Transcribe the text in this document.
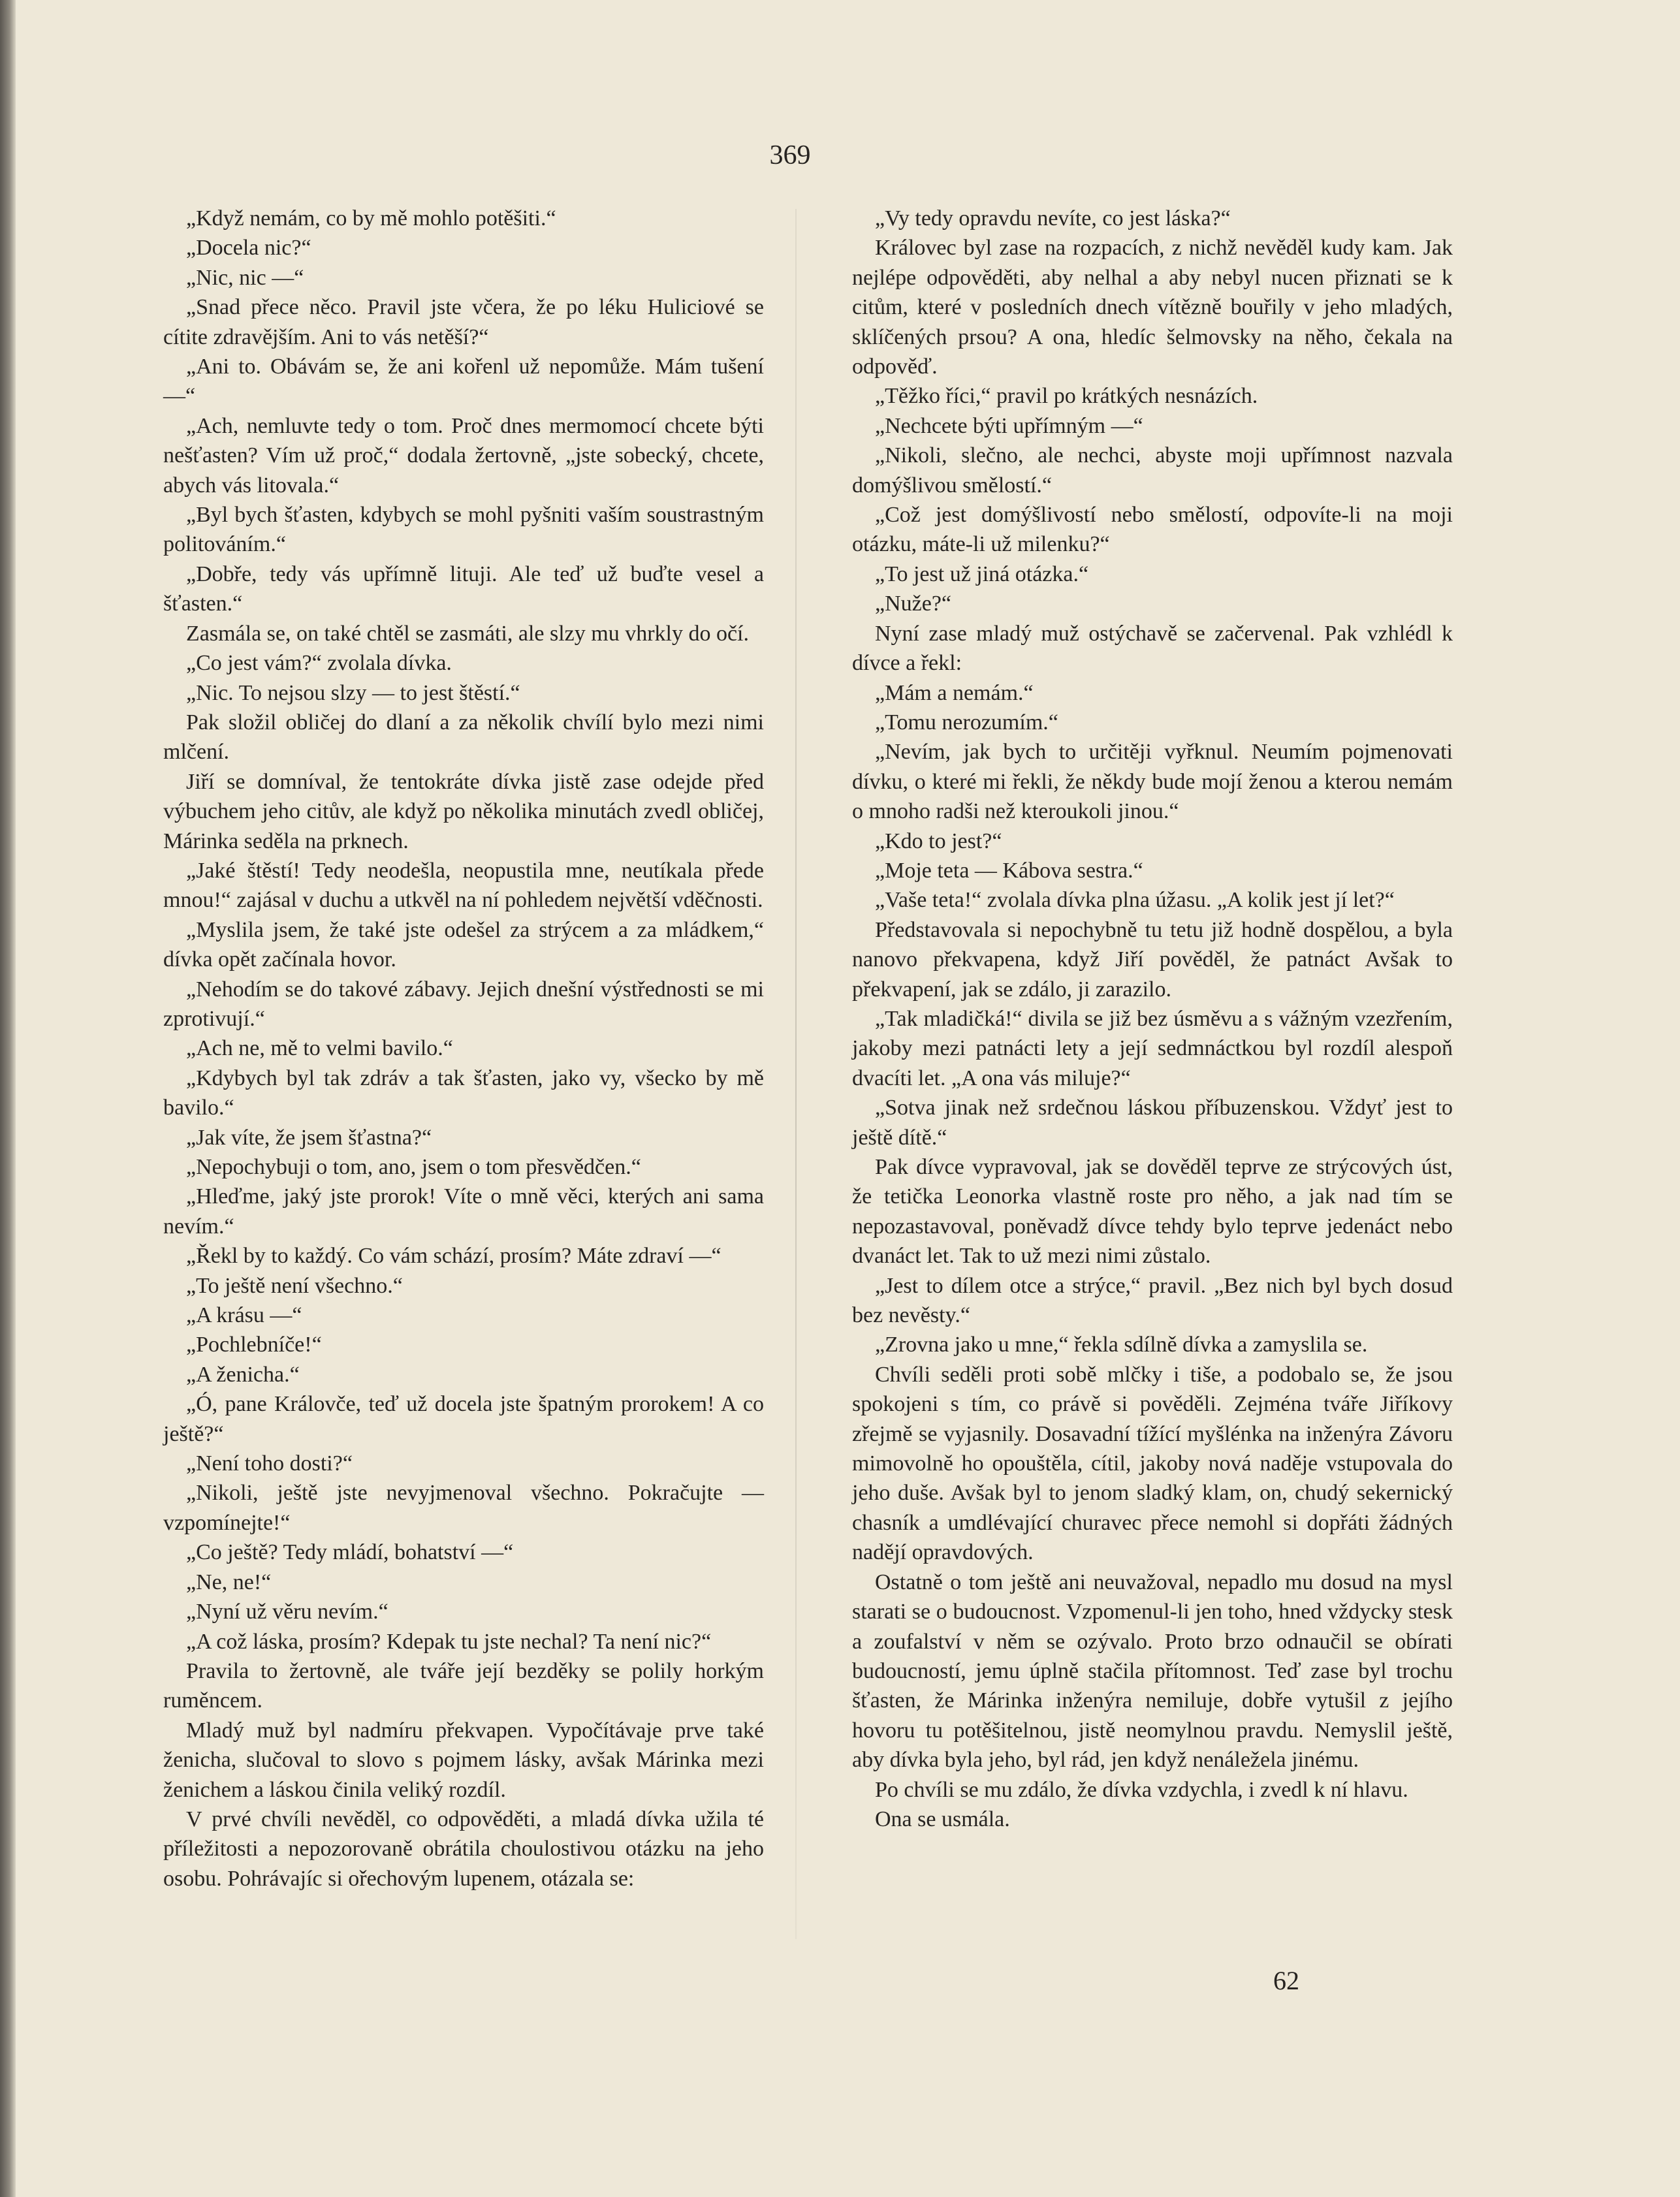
369

„Když nemám, co by mě mohlo potěšiti.“

„Docela nic?“

„Nic, nic —“

„Snad přece něco. Pravil jste včera, že po léku Huliciové se cítite zdravějším. Ani to vás netěší?“

„Ani to. Obávám se, že ani kořenl už nepomůže. Mám tušení —“

„Ach, nemluvte tedy o tom. Proč dnes mermomocí chcete býti nešťasten? Vím už proč,“ dodala žertovně, „jste sobecký, chcete, abych vás litovala.“

„Byl bych šťasten, kdybych se mohl pyšniti vaším soustrastným politováním.“

„Dobře, tedy vás upřímně lituji. Ale teď už buďte vesel a šťasten.“

Zasmála se, on také chtěl se zasmáti, ale slzy mu vhrkly do očí.

„Co jest vám?“ zvolala dívka.

„Nic. To nejsou slzy — to jest štěstí.“

Pak složil obličej do dlaní a za několik chvílí bylo mezi nimi mlčení.

Jiří se domníval, že tentokráte dívka jistě zase odejde před výbuchem jeho citův, ale když po několika minutách zvedl obličej, Márinka seděla na prknech.

„Jaké štěstí! Tedy neodešla, neopustila mne, neutíkala přede mnou!“ zajásal v duchu a utkvěl na ní pohledem největší vděčnosti.

„Myslila jsem, že také jste odešel za strýcem a za mládkem,“ dívka opět začínala hovor.

„Nehodím se do takové zábavy. Jejich dnešní výstřednosti se mi zprotivují.“

„Ach ne, mě to velmi bavilo.“

„Kdybych byl tak zdráv a tak šťasten, jako vy, všecko by mě bavilo.“

„Jak víte, že jsem šťastna?“

„Nepochybuji o tom, ano, jsem o tom přesvědčen.“

„Hleďme, jaký jste prorok! Víte o mně věci, kterých ani sama nevím.“

„Řekl by to každý. Co vám schází, prosím? Máte zdraví —“

„To ještě není všechno.“

„A krásu —“

„Pochlebníče!“

„A ženicha.“

„Ó, pane Královče, teď už docela jste špatným prorokem! A co ještě?“

„Není toho dosti?“

„Nikoli, ještě jste nevyjmenoval všechno. Pokračujte — vzpomínejte!“

„Co ještě? Tedy mládí, bohatství —“

„Ne, ne!“

„Nyní už věru nevím.“

„A což láska, prosím? Kdepak tu jste nechal? Ta není nic?“

Pravila to žertovně, ale tváře její bezděky se polily horkým ruměncem.

Mladý muž byl nadmíru překvapen. Vypočítávaje prve také ženicha, slučoval to slovo s pojmem lásky, avšak Márinka mezi ženichem a láskou činila veliký rozdíl.

V prvé chvíli nevěděl, co odpověděti, a mladá dívka užila té příležitosti a nepozorovaně obrátila choulostivou otázku na jeho osobu. Pohrávajíc si ořechovým lupenem, otázala se:

„Vy tedy opravdu nevíte, co jest láska?“

Královec byl zase na rozpacích, z nichž nevěděl kudy kam. Jak nejlépe odpověděti, aby nelhal a aby nebyl nucen přiznati se k citům, které v posledních dnech vítězně bouřily v jeho mladých, sklíčených prsou? A ona, hledíc šelmovsky na něho, čekala na odpověď.

„Těžko říci,“ pravil po krátkých nesnázích.

„Nechcete býti upřímným —“

„Nikoli, slečno, ale nechci, abyste moji upřímnost nazvala domýšlivou smělostí.“

„Což jest domýšlivostí nebo smělostí, odpovíte-li na moji otázku, máte-li už milenku?“

„To jest už jiná otázka.“

„Nuže?“

Nyní zase mladý muž ostýchavě se začervenal. Pak vzhlédl k dívce a řekl:

„Mám a nemám.“

„Tomu nerozumím.“

„Nevím, jak bych to určitěji vyřknul. Neumím pojmenovati dívku, o které mi řekli, že někdy bude mojí ženou a kterou nemám o mnoho radši než kteroukoli jinou.“

„Kdo to jest?“

„Moje teta — Kábova sestra.“

„Vaše teta!“ zvolala dívka plna úžasu. „A kolik jest jí let?“

Představovala si nepochybně tu tetu již hodně dospělou, a byla nanovo překvapena, když Jiří pověděl, že patnáct Avšak to překvapení, jak se zdálo, ji zarazilo.

„Tak mladičká!“ divila se již bez úsměvu a s vážným vzezřením, jakoby mezi patnácti lety a její sedmnáctkou byl rozdíl alespoň dvacíti let. „A ona vás miluje?“

„Sotva jinak než srdečnou láskou příbuzenskou. Vždyť jest to ještě dítě.“

Pak dívce vypravoval, jak se dověděl teprve ze strýcových úst, že tetička Leonorka vlastně roste pro něho, a jak nad tím se nepozastavoval, poněvadž dívce tehdy bylo teprve jedenáct nebo dvanáct let. Tak to už mezi nimi zůstalo.

„Jest to dílem otce a strýce,“ pravil. „Bez nich byl bych dosud bez nevěsty.“

„Zrovna jako u mne,“ řekla sdílně dívka a zamyslila se.

Chvíli seděli proti sobě mlčky i tiše, a podobalo se, že jsou spokojeni s tím, co právě si pověděli. Zejména tváře Jiříkovy zřejmě se vyjasnily. Dosavadní tížící myšlénka na inženýra Závoru mimovolně ho opouštěla, cítil, jakoby nová naděje vstupovala do jeho duše. Avšak byl to jenom sladký klam, on, chudý sekernický chasník a umdlévající churavec přece nemohl si dopřáti žádných nadějí opravdových.

Ostatně o tom ještě ani neuvažoval, nepadlo mu dosud na mysl starati se o budoucnost. Vzpomenul-li jen toho, hned vždycky stesk a zoufalství v něm se ozývalo. Proto brzo odnaučil se obírati budoucností, jemu úplně stačila přítomnost. Teď zase byl trochu šťasten, že Márinka inženýra nemiluje, dobře vytušil z jejího hovoru tu potěšitelnou, jistě neomylnou pravdu. Nemyslil ještě, aby dívka byla jeho, byl rád, jen když nenáležela jinému.

Po chvíli se mu zdálo, že dívka vzdychla, i zvedl k ní hlavu.

Ona se usmála.

62
